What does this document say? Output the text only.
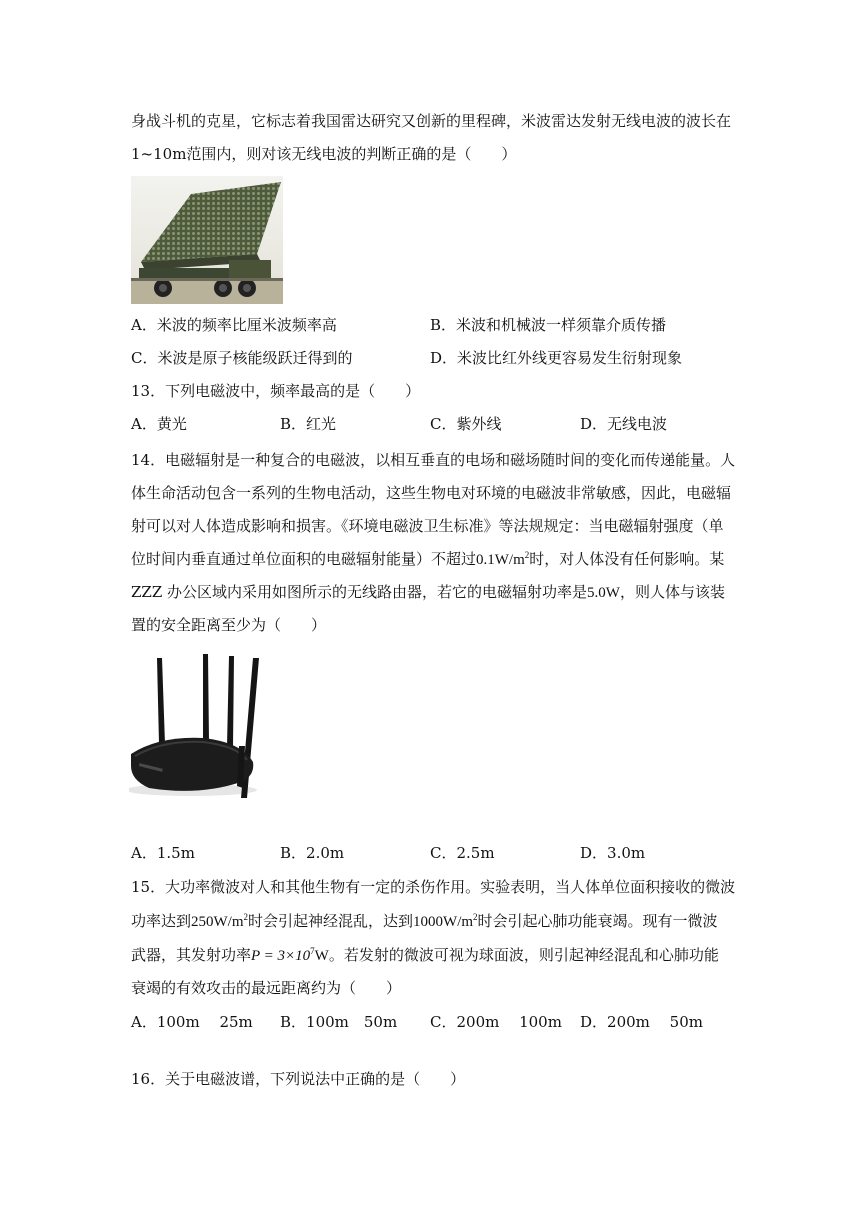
身战斗机的克星，它标志着我国雷达研究又创新的里程碑，米波雷达发射无线电波的波长在
1~10m范围内，则对该无线电波的判断正确的是（　　）
A．米波的频率比厘米波频率高	B．米波和机械波一样须靠介质传播
C．米波是原子核能级跃迁得到的	D．米波比红外线更容易发生衍射现象
13．下列电磁波中，频率最高的是（　　）
A．黄光	B．红光	C．紫外线	D．无线电波
14．电磁辐射是一种复合的电磁波，以相互垂直的电场和磁场随时间的变化而传递能量。人
体生命活动包含一系列的生物电活动，这些生物电对环境的电磁波非常敏感，因此，电磁辐
射可以对人体造成影响和损害。《环境电磁波卫生标准》等法规规定：当电磁辐射强度（单
位时间内垂直通过单位面积的电磁辐射能量）不超过$0.1W/m^2$时，对人体没有任何影响。某
ZZZ 办公区域内采用如图所示的无线路由器，若它的电磁辐射功率是5.0W，则人体与该装
置的安全距离至少为（　　）
A．1.5m	B．2.0m	C．2.5m	D．3.0m
15．大功率微波对人和其他生物有一定的杀伤作用。实验表明，当人体单位面积接收的微波
功率达到$250W/m^2$时会引起神经混乱，达到$1000W/m^2$时会引起心肺功能衰竭。现有一微波
武器，其发射功率$P = 3\times 10^7W$。若发射的微波可视为球面波，则引起神经混乱和心肺功能
衰竭的有效攻击的最远距离约为（　　）
A．100m　 25m B．100m　50m C．200m　 100m D．200m　 50m
16．关于电磁波谱，下列说法中正确的是（　　）
